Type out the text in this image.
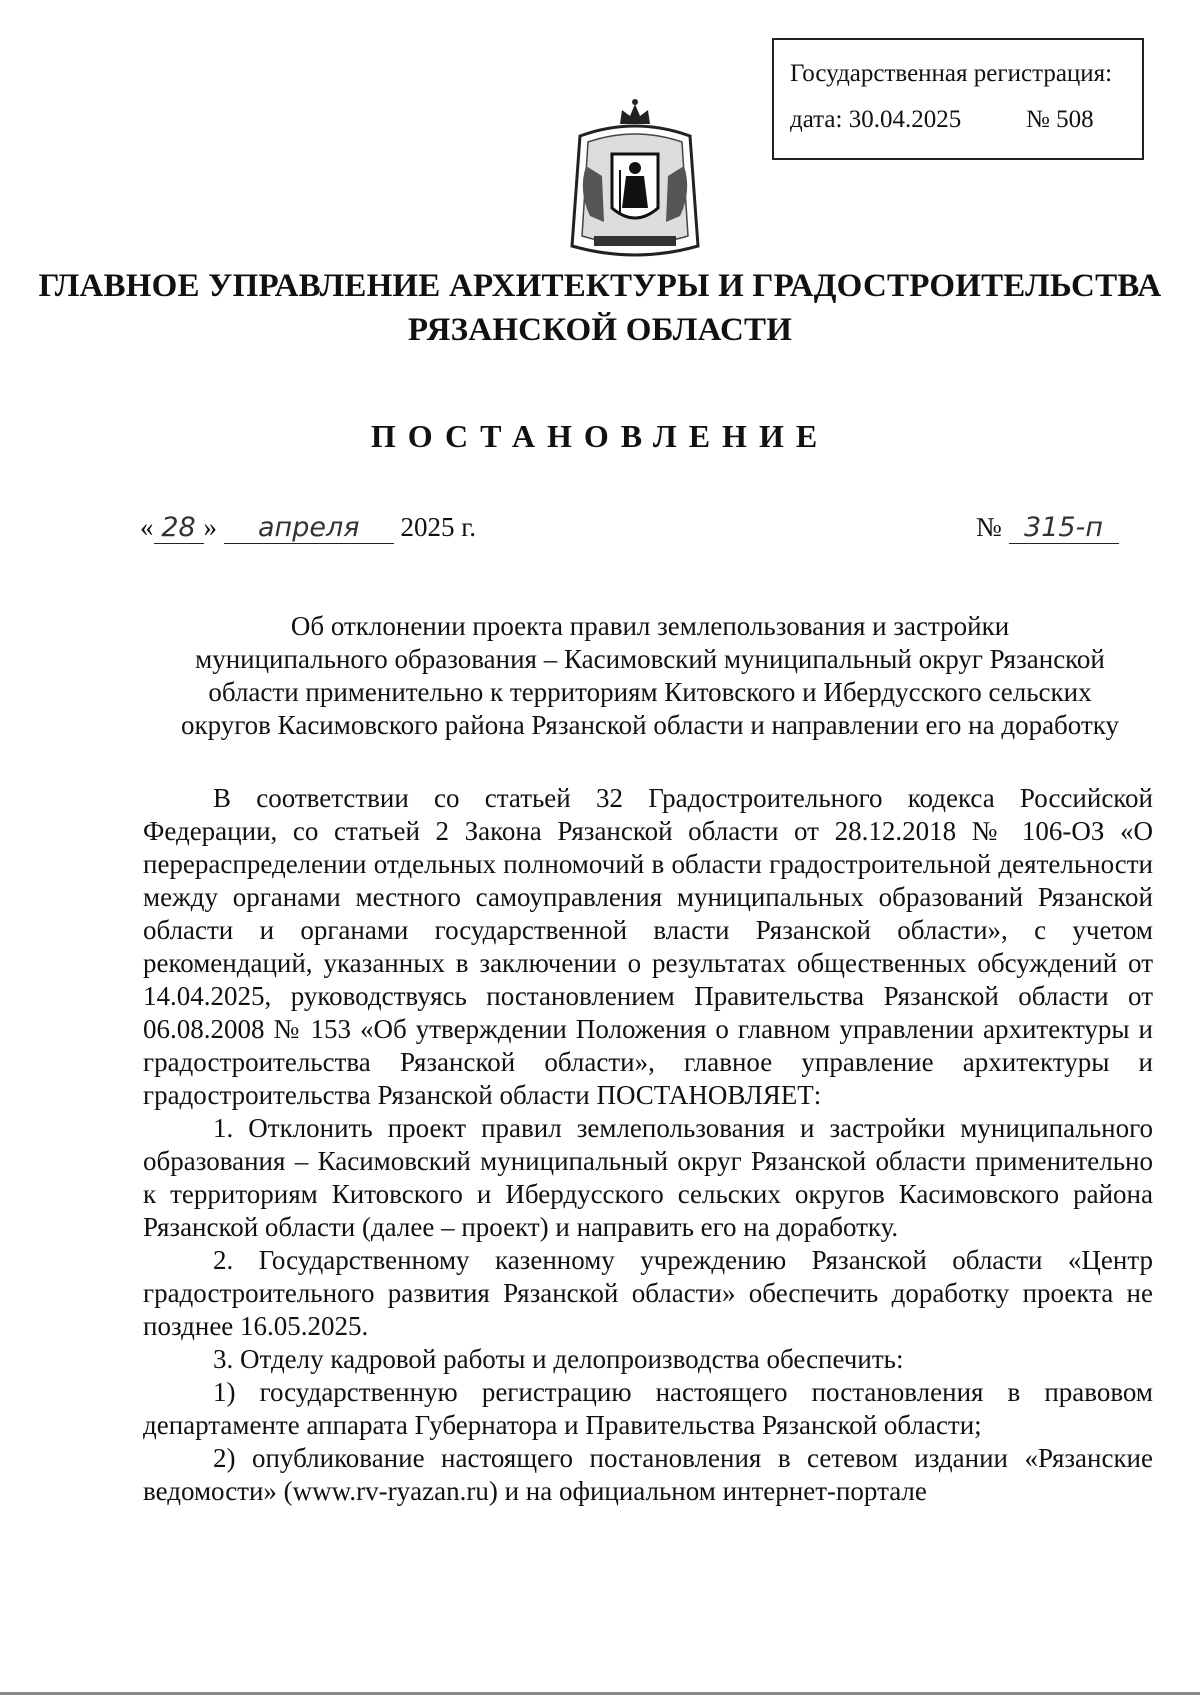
Государственная регистрация:
дата: 30.04.2025	№ 508
ГЛАВНОЕ УПРАВЛЕНИЕ АРХИТЕКТУРЫ И ГРАДОСТРОИТЕЛЬСТВА
РЯЗАНСКОЙ ОБЛАСТИ
ПОСТАНОВЛЕНИЕ
« 28 » апреля 2025 г.	№ 315-п
Об отклонении проекта правил землепользования и застройки
муниципального образования – Касимовский муниципальный округ Рязанской
области применительно к территориям Китовского и Ибердусского сельских
округов Касимовского района Рязанской области и направлении его на доработку

В соответствии со статьей 32 Градостроительного кодекса Российской Федерации, со статьей 2 Закона Рязанской области от 28.12.2018 № 106-ОЗ «О перераспределении отдельных полномочий в области градостроительной деятельности между органами местного самоуправления муниципальных образований Рязанской области и органами государственной власти Рязанской области», с учетом рекомендаций, указанных в заключении о результатах общественных обсуждений от 14.04.2025, руководствуясь постановлением Правительства Рязанской области от 06.08.2008 № 153 «Об утверждении Положения о главном управлении архитектуры и градостроительства Рязанской области», главное управление архитектуры и градостроительства Рязанской области ПОСТАНОВЛЯЕТ:

1. Отклонить проект правил землепользования и застройки муниципального образования – Касимовский муниципальный округ Рязанской области применительно к территориям Китовского и Ибердусского сельских округов Касимовского района Рязанской области (далее – проект) и направить его на доработку.

2. Государственному казенному учреждению Рязанской области «Центр градостроительного развития Рязанской области» обеспечить доработку проекта не позднее 16.05.2025.

3. Отделу кадровой работы и делопроизводства обеспечить:

1) государственную регистрацию настоящего постановления в правовом департаменте аппарата Губернатора и Правительства Рязанской области;

2) опубликование настоящего постановления в сетевом издании «Рязанские ведомости» (www.rv-ryazan.ru) и на официальном интернет-портале
